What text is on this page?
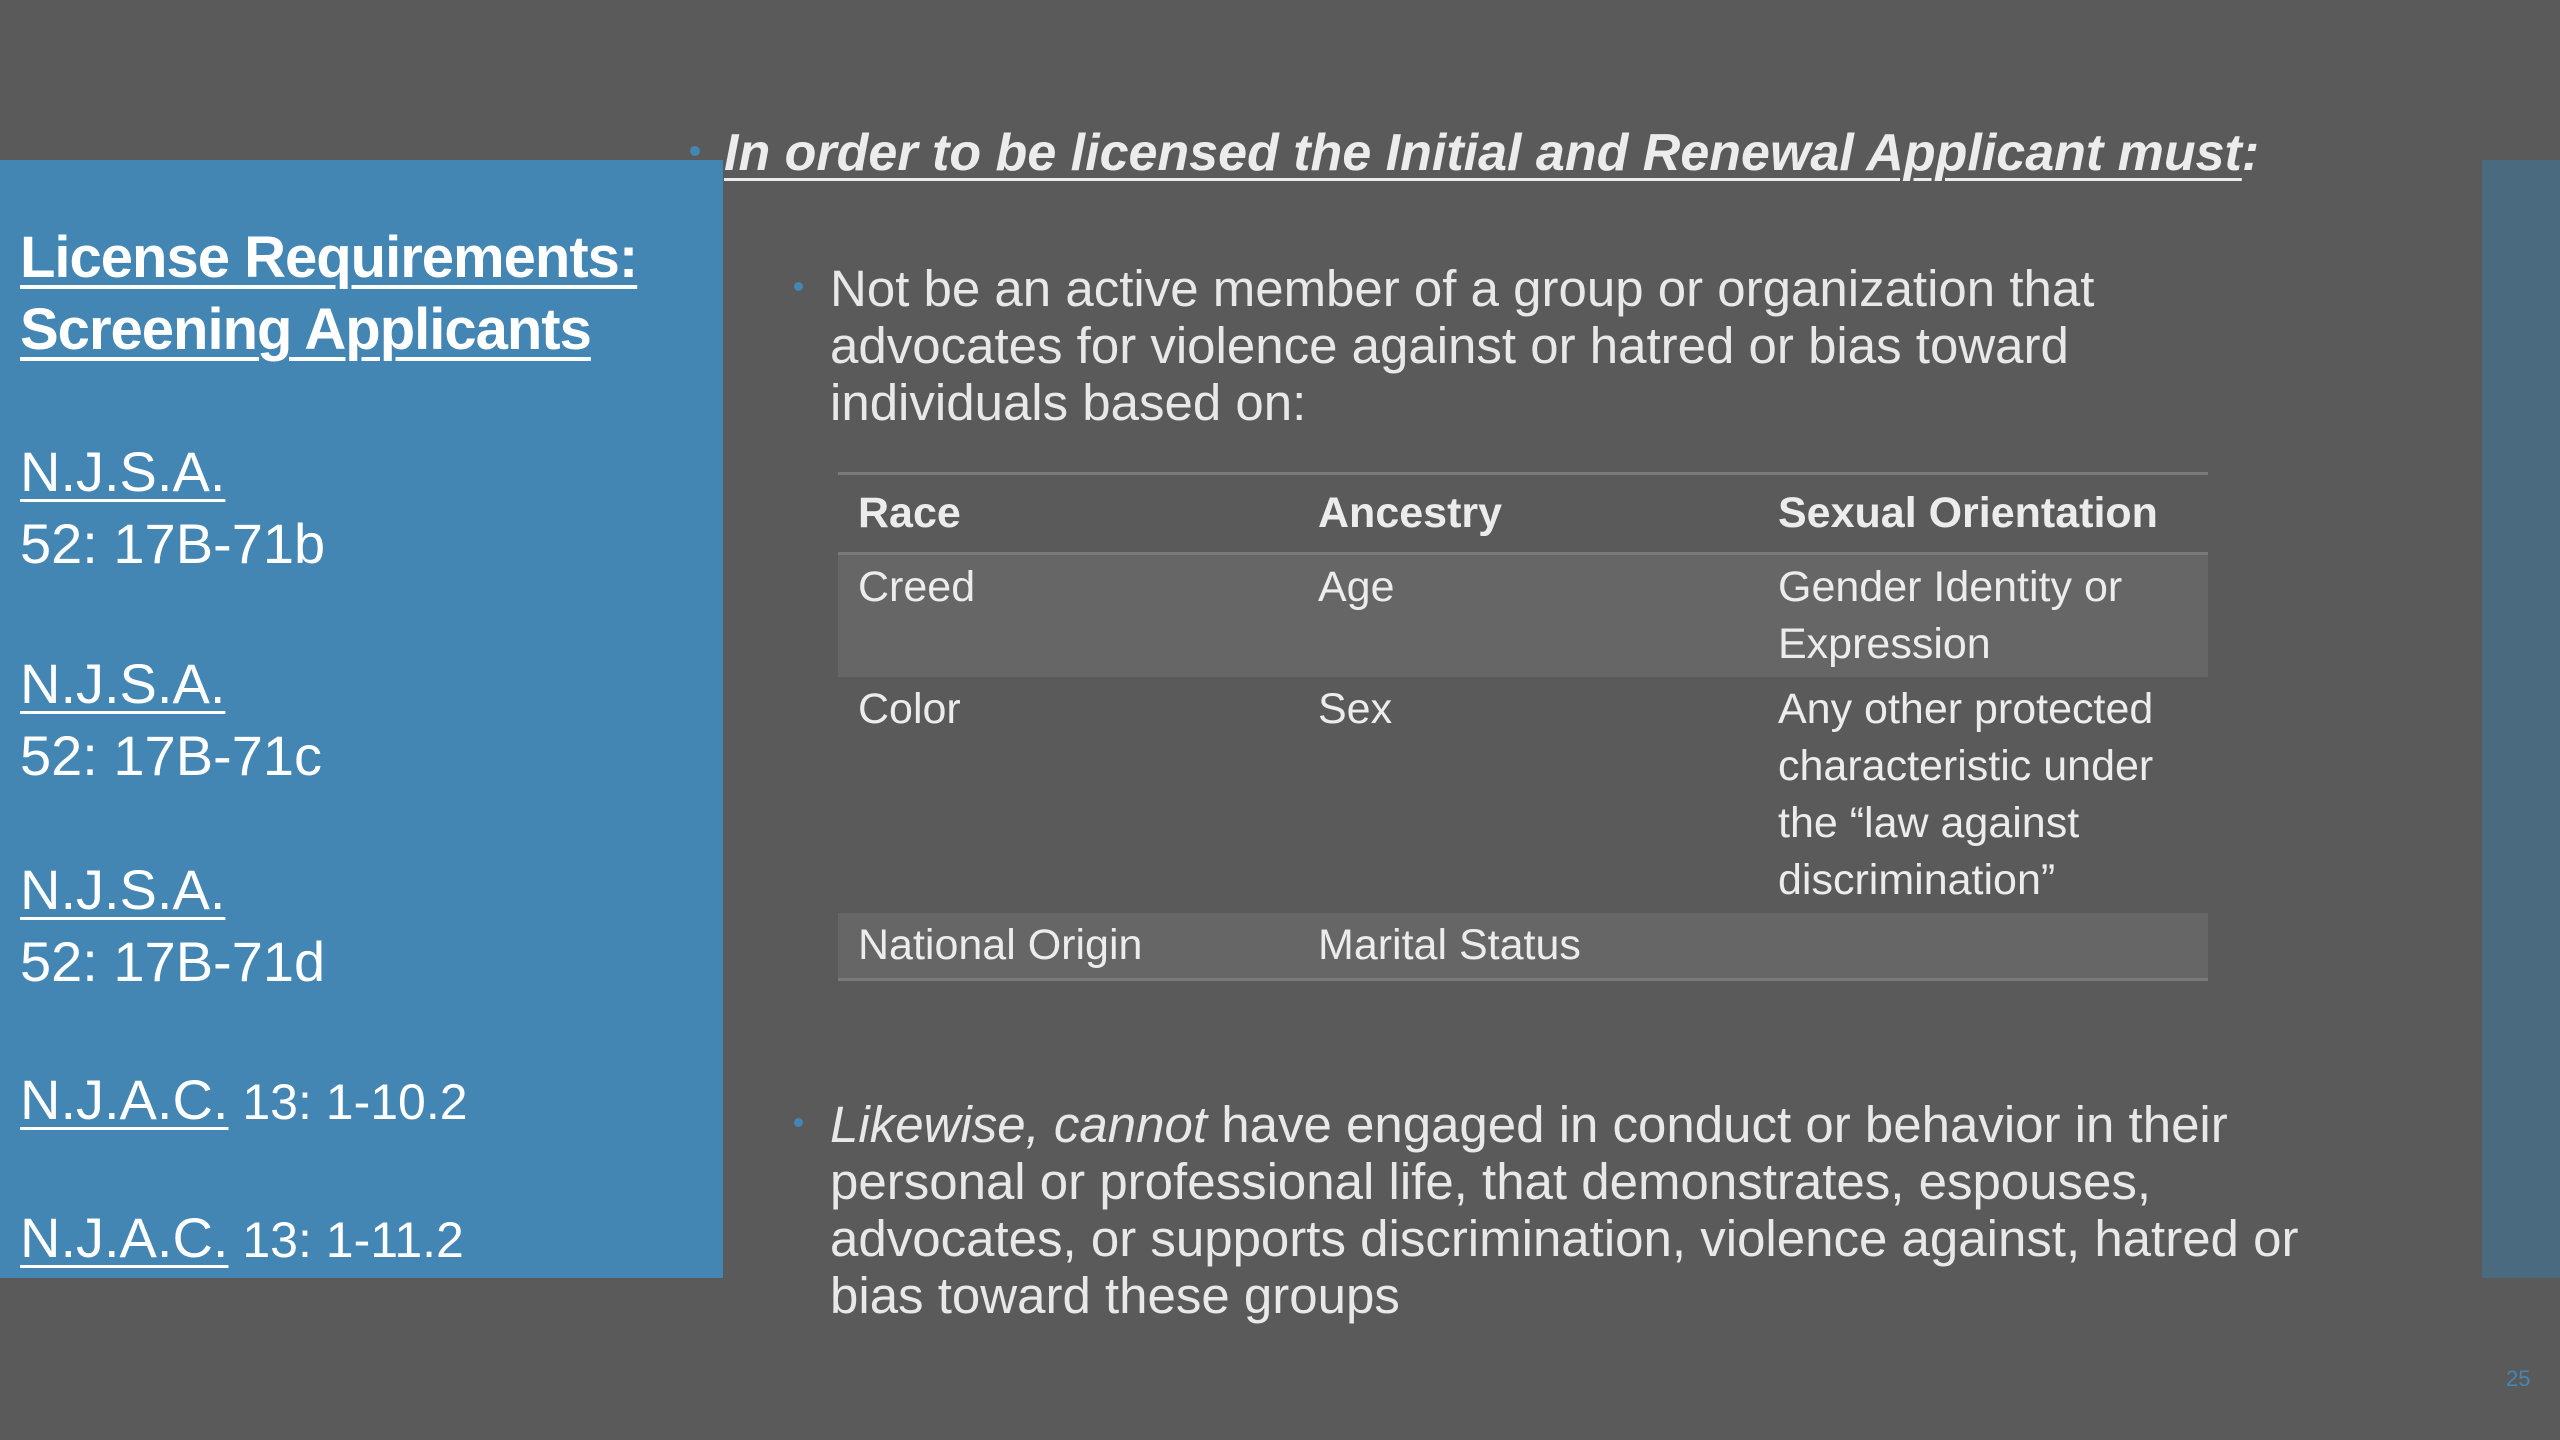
License Requirements:
Screening Applicants
N.J.S.A.
52: 17B-71b
N.J.S.A.
52: 17B-71c
N.J.S.A.
52: 17B-71d
N.J.A.C. 13: 1-10.2
N.J.A.C. 13: 1-11.2
In order to be licensed the Initial and Renewal Applicant must:
Not be an active member of a group or organization that advocates for violence against or hatred or bias toward individuals based on:
Race	Ancestry	Sexual Orientation
Creed	Age	Gender Identity or Expression
Color	Sex	Any other protected characteristic under the “law against discrimination”
National Origin	Marital Status	
Likewise, cannot have engaged in conduct or behavior in their personal or professional life, that demonstrates, espouses, advocates, or supports discrimination, violence against, hatred or bias toward these groups
25
